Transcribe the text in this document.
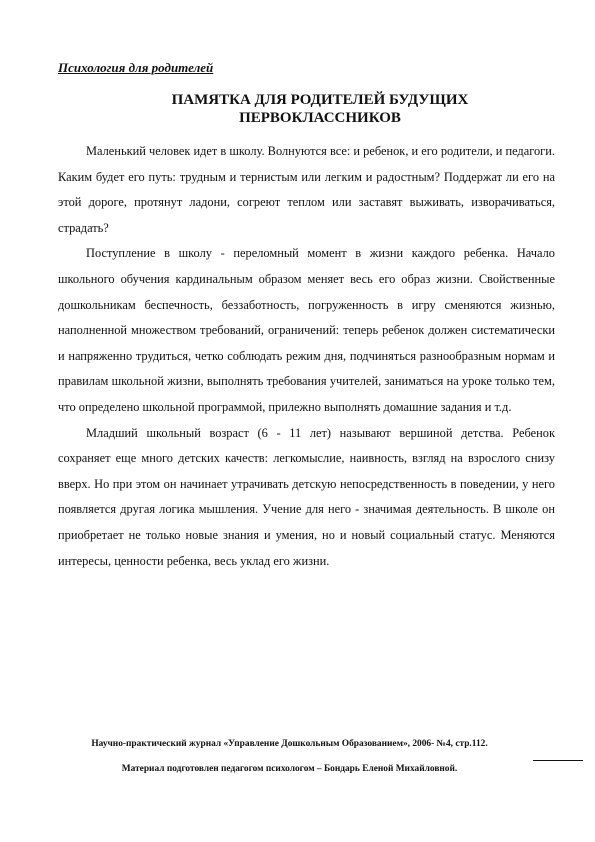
Психология для родителей
ПАМЯТКА ДЛЯ РОДИТЕЛЕЙ БУДУЩИХ
ПЕРВОКЛАССНИКОВ

Маленький человек идет в школу. Волнуются все: и ребенок, и его родители, и педагоги. Каким будет его путь: трудным и тернистым или легким и радостным? Поддержат ли его на этой дороге, протянут ладони, согреют теплом или заставят выживать, изворачиваться, страдать?

Поступление в школу - переломный момент в жизни каждого ребенка. Начало школьного обучения кардинальным образом меняет весь его образ жизни. Свойственные дошкольникам беспечность, беззаботность, погруженность в игру сменяются жизнью, наполненной множеством требований, ограничений: теперь ребенок должен систематически и напряженно трудиться, четко соблюдать режим дня, подчиняться разнообразным нормам и правилам школьной жизни, выполнять требования учителей, заниматься на уроке только тем, что определено школьной программой, прилежно выполнять домашние задания и т.д.

Младший школьный возраст (6 - 11 лет) называют вершиной детства. Ребенок сохраняет еще много детских качеств: легкомыслие, наивность, взгляд на взрослого снизу вверх. Но при этом он начинает утрачивать детскую непосредственность в поведении, у него появляется другая логика мышления. Учение для него - значимая деятельность. В школе он приобретает не только новые знания и умения, но и новый социальный статус. Меняются интересы, ценности ребенка, весь уклад его жизни.

Научно-практический журнал «Управление Дошкольным Образованием», 2006- №4, стр.112.
Материал подготовлен педагогом психологом – Бондарь Еленой Михайловной.
